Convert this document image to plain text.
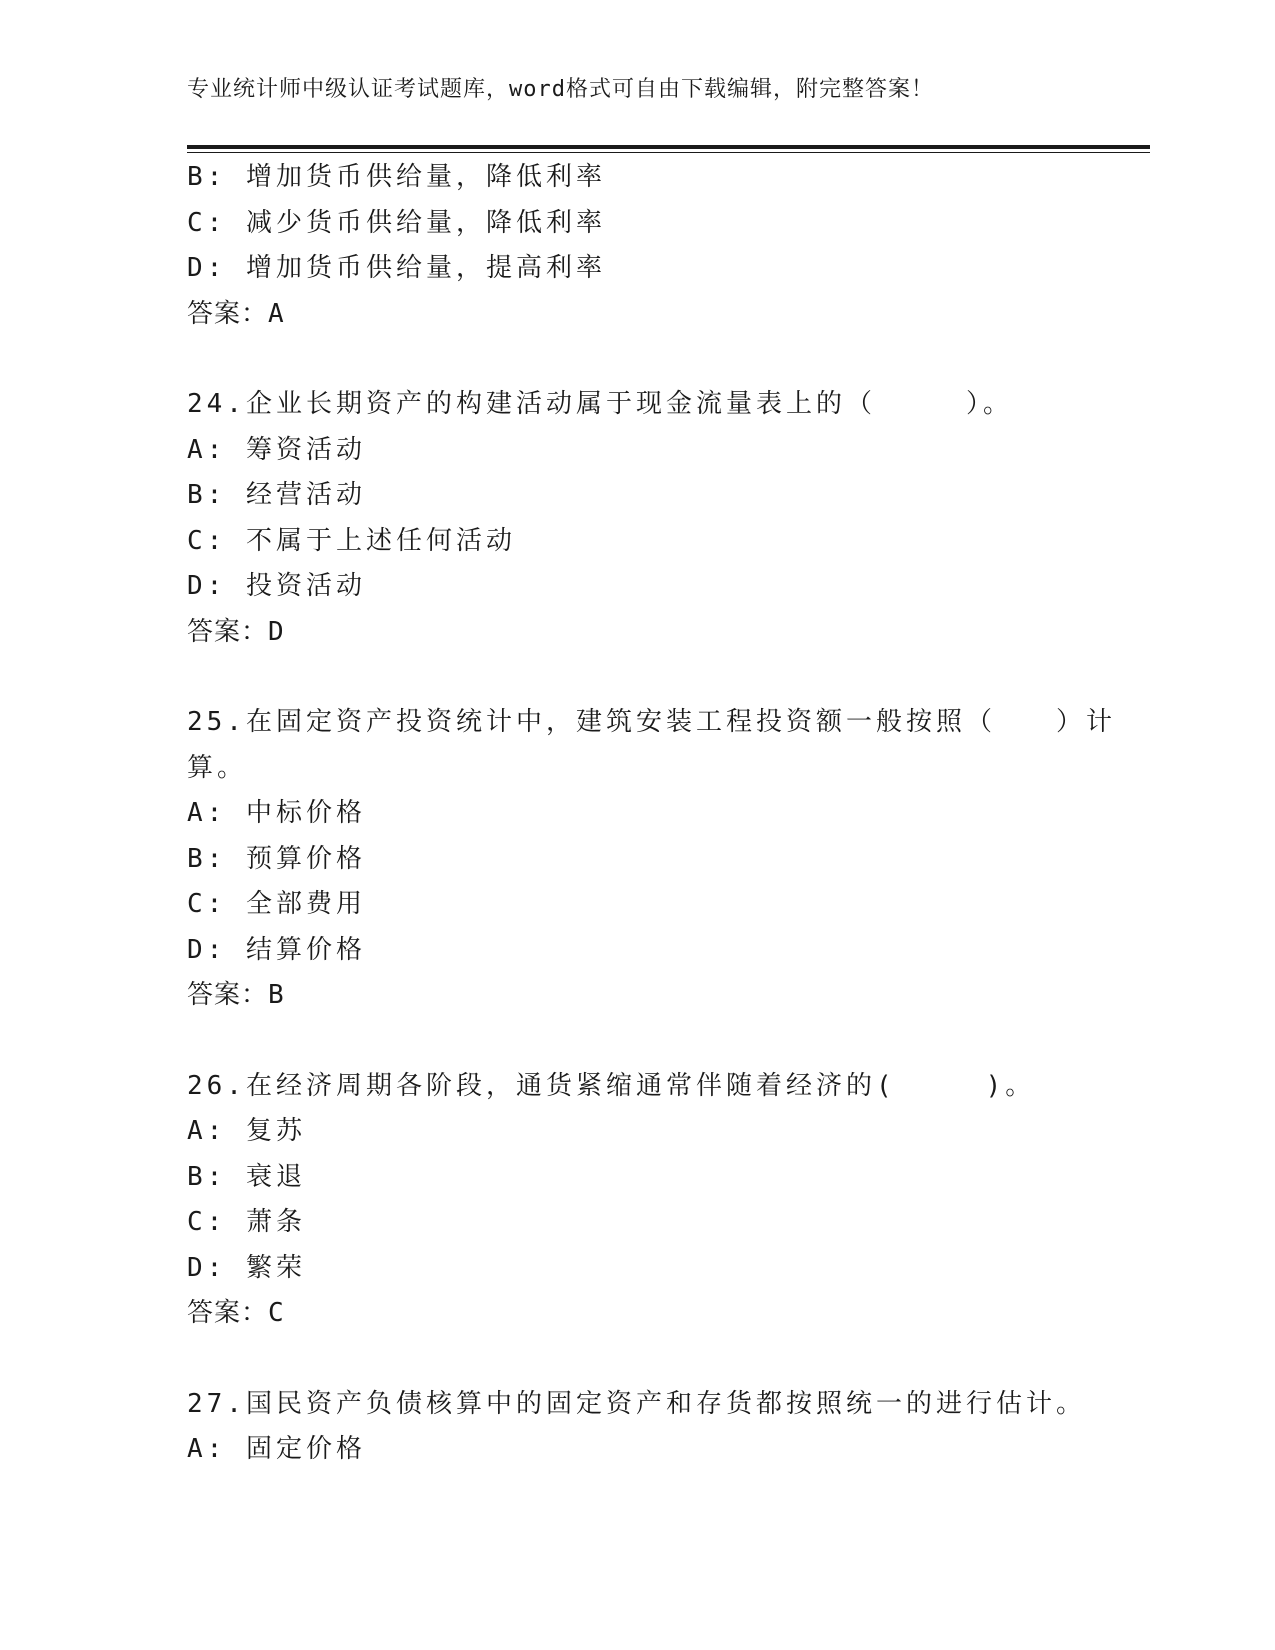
专业统计师中级认证考试题库，word格式可自由下载编辑，附完整答案！
B: 增加货币供给量，降低利率
C: 减少货币供给量，降低利率
D: 增加货币供给量，提高利率
答案：A
24.企业长期资产的构建活动属于现金流量表上的（　　　）。
A: 筹资活动
B: 经营活动
C: 不属于上述任何活动
D: 投资活动
答案：D
25.在固定资产投资统计中，建筑安装工程投资额一般按照（　　）计
算。
A: 中标价格
B: 预算价格
C: 全部费用
D: 结算价格
答案：B
26.在经济周期各阶段，通货紧缩通常伴随着经济的(　　　)。
A: 复苏
B: 衰退
C: 萧条
D: 繁荣
答案：C
27.国民资产负债核算中的固定资产和存货都按照统一的进行估计。
A: 固定价格
